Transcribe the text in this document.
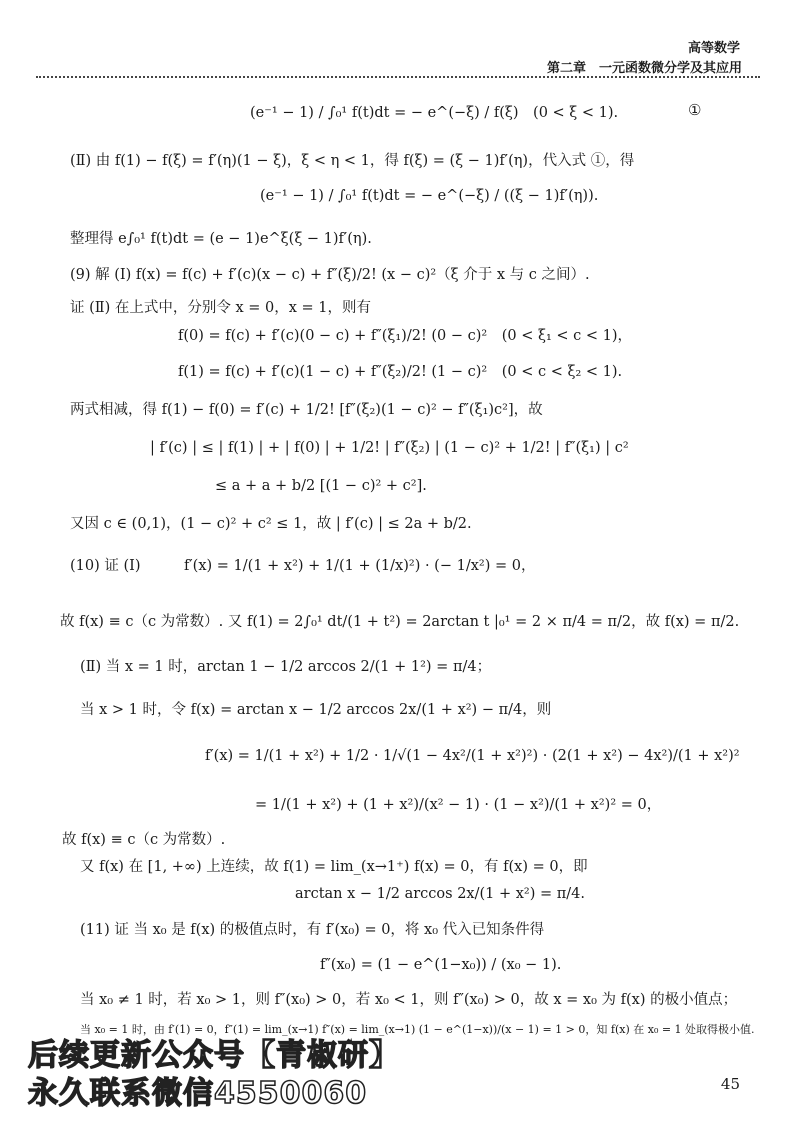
高等数学
第二章　一元函数微分学及其应用
(e⁻¹ − 1) / ∫₀¹ f(t)dt = − e^(−ξ) / f(ξ)　(0 < ξ < 1).	①
(Ⅱ) 由 f(1) − f(ξ) = f′(η)(1 − ξ)，ξ < η < 1，得 f(ξ) = (ξ − 1)f′(η)，代入式 ①，得
(e⁻¹ − 1) / ∫₀¹ f(t)dt = − e^(−ξ) / ((ξ − 1)f′(η)).
整理得 e∫₀¹ f(t)dt = (e − 1)e^ξ(ξ − 1)f′(η).
(9) 解 (Ⅰ) f(x) = f(c) + f′(c)(x − c) + f″(ξ)/2! (x − c)²（ξ 介于 x 与 c 之间）.
证 (Ⅱ) 在上式中，分别令 x = 0，x = 1，则有
f(0) = f(c) + f′(c)(0 − c) + f″(ξ₁)/2! (0 − c)²　(0 < ξ₁ < c < 1)，
f(1) = f(c) + f′(c)(1 − c) + f″(ξ₂)/2! (1 − c)²　(0 < c < ξ₂ < 1).
两式相减，得 f(1) − f(0) = f′(c) + 1/2! [f″(ξ₂)(1 − c)² − f″(ξ₁)c²]，故
| f′(c) | ≤ | f(1) | + | f(0) | + 1/2! | f″(ξ₂) | (1 − c)² + 1/2! | f″(ξ₁) | c²
≤ a + a + b/2 [(1 − c)² + c²].
又因 c ∈ (0,1)，(1 − c)² + c² ≤ 1，故 | f′(c) | ≤ 2a + b/2.
(10) 证 (Ⅰ)　　　f′(x) = 1/(1 + x²) + 1/(1 + (1/x)²) · (− 1/x²) = 0，
故 f(x) ≡ c（c 为常数）. 又 f(1) = 2∫₀¹ dt/(1 + t²) = 2arctan t |₀¹ = 2 × π/4 = π/2，故 f(x) = π/2.
(Ⅱ) 当 x = 1 时，arctan 1 − 1/2 arccos 2/(1 + 1²) = π/4；
当 x > 1 时，令 f(x) = arctan x − 1/2 arccos 2x/(1 + x²) − π/4，则
f′(x) = 1/(1 + x²) + 1/2 · 1/√(1 − 4x²/(1 + x²)²) · (2(1 + x²) − 4x²)/(1 + x²)²
= 1/(1 + x²) + (1 + x²)/(x² − 1) · (1 − x²)/(1 + x²)² = 0，
故 f(x) ≡ c（c 为常数）.
又 f(x) 在 [1, +∞) 上连续，故 f(1) = lim_(x→1⁺) f(x) = 0，有 f(x) = 0，即
arctan x − 1/2 arccos 2x/(1 + x²) = π/4.
(11) 证 当 x₀ 是 f(x) 的极值点时，有 f′(x₀) = 0，将 x₀ 代入已知条件得
f″(x₀) = (1 − e^(1−x₀)) / (x₀ − 1).
当 x₀ ≠ 1 时，若 x₀ > 1，则 f″(x₀) > 0，若 x₀ < 1，则 f″(x₀) > 0，故 x = x₀ 为 f(x) 的极小值点；
当 x₀ = 1 时，由 f′(1) = 0，f″(1) = lim_(x→1) f″(x) = lim_(x→1) (1 − e^(1−x))/(x − 1) = 1 > 0，知 f(x) 在 x₀ = 1 处取得极小值.
后续更新公众号【青椒研】
永久联系微信4550060	45
